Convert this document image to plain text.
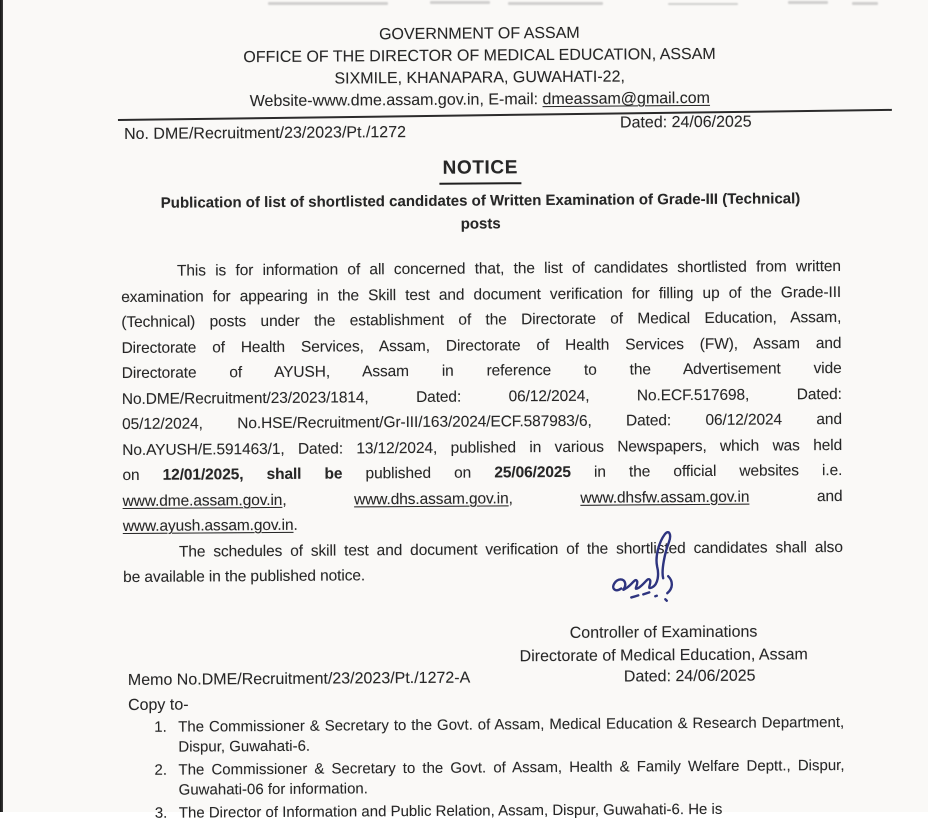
GOVERNMENT OF ASSAM
OFFICE OF THE DIRECTOR OF MEDICAL EDUCATION, ASSAM
SIXMILE, KHANAPARA, GUWAHATI-22,
Website-www.dme.assam.gov.in, E-mail: dmeassam@gmail.com
No. DME/Recruitment/23/2023/Pt./1272
Dated: 24/06/2025
NOTICE
Publication of list of shortlisted candidates of Written Examination of Grade-III (Technical)
posts
This is for information of all concerned that, the list of candidates shortlisted from written
examination for appearing in the Skill test and document verification for filling up of the Grade-III
(Technical) posts under the establishment of the Directorate of Medical Education, Assam,
Directorate of Health Services, Assam, Directorate of Health Services (FW), Assam and
Directorate of AYUSH, Assam in reference to the Advertisement vide
No.DME/Recruitment/23/2023/1814, Dated: 06/12/2024, No.ECF.517698, Dated:
05/12/2024, No.HSE/Recruitment/Gr-III/163/2024/ECF.587983/6, Dated: 06/12/2024 and
No.AYUSH/E.591463/1, Dated: 13/12/2024, published in various Newspapers, which was held
on 12/01/2025, shall be published on 25/06/2025 in the official websites i.e.
www.dme.assam.gov.in, www.dhs.assam.gov.in, www.dhsfw.assam.gov.in and
www.ayush.assam.gov.in.
The schedules of skill test and document verification of the shortlisted candidates shall also
be available in the published notice.
Controller of Examinations
Directorate of Medical Education, Assam
Memo No.DME/Recruitment/23/2023/Pt./1272-A	Dated: 24/06/2025
Copy to-
1. The Commissioner & Secretary to the Govt. of Assam, Medical Education & Research Department, Dispur, Guwahati-6.
2. The Commissioner & Secretary to the Govt. of Assam, Health & Family Welfare Deptt., Dispur, Guwahati-06 for information.
3. The Director of Information and Public Relation, Assam, Dispur, Guwahati-6. He is
